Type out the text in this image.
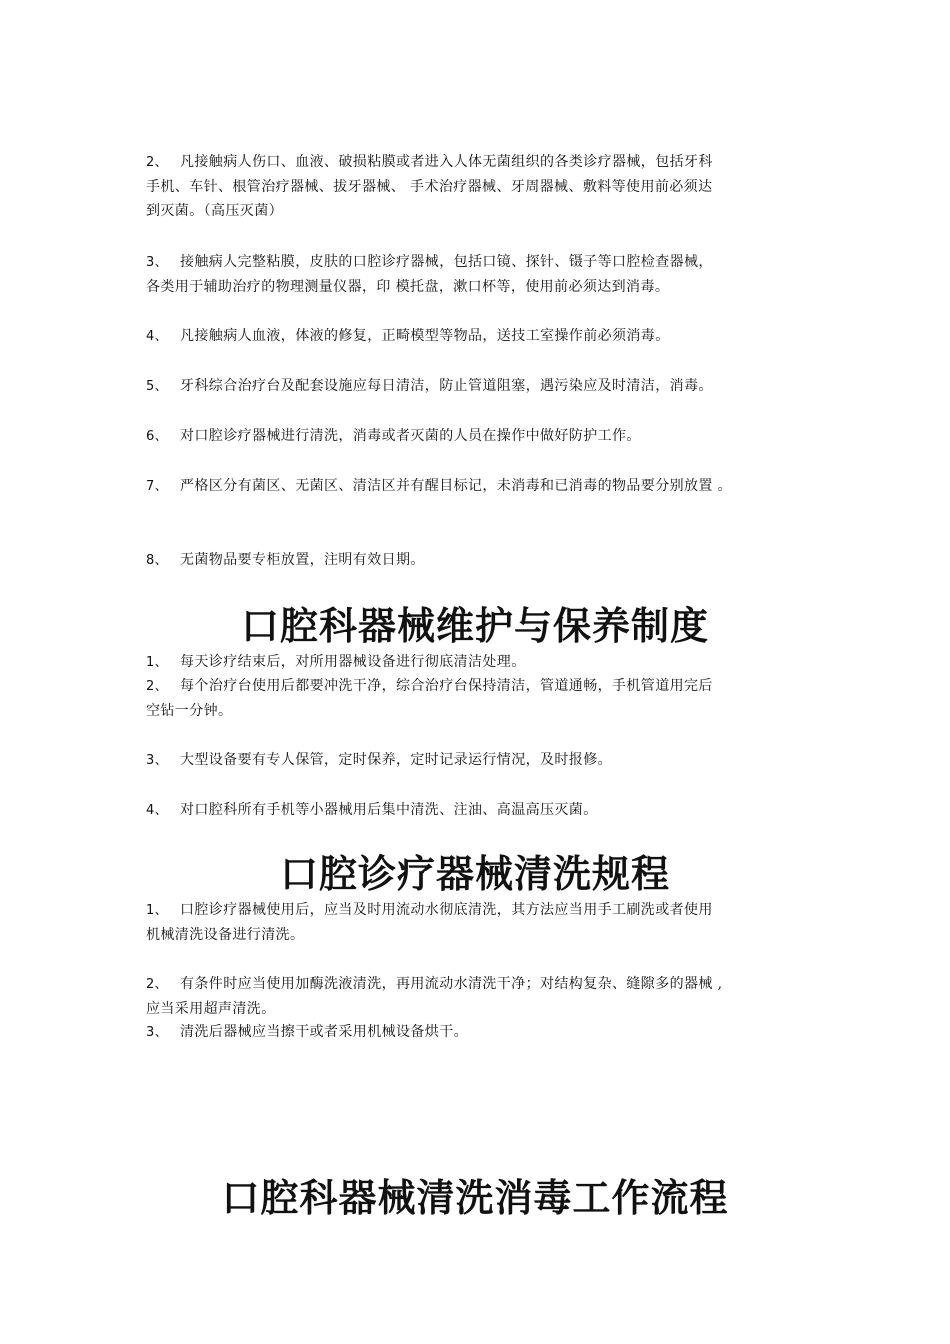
2、 凡接触病人伤口、血液、破损粘膜或者进入人体无菌组织的各类诊疗器械，包括牙科
手机、车针、根管治疗器械、拔牙器械、 手术治疗器械、牙周器械、敷料等使用前必须达
到灭菌。（高压灭菌）
3、 接触病人完整粘膜，皮肤的口腔诊疗器械，包括口镜、探针、镊子等口腔检查器械，
各类用于辅助治疗的物理测量仪器，印 模托盘，漱口杯等，使用前必须达到消毒。
4、 凡接触病人血液，体液的修复，正畸模型等物品，送技工室操作前必须消毒。
5、 牙科综合治疗台及配套设施应每日清洁，防止管道阻塞，遇污染应及时清洁，消毒。
6、 对口腔诊疗器械进行清洗，消毒或者灭菌的人员在操作中做好防护工作。
7、 严格区分有菌区、无菌区、清洁区并有醒目标记，未消毒和已消毒的物品要分别放置 。
8、 无菌物品要专柜放置，注明有效日期。
口腔科器械维护与保养制度
1、 每天诊疗结束后，对所用器械设备进行彻底清洁处理。
2、 每个治疗台使用后都要冲洗干净，综合治疗台保持清洁，管道通畅，手机管道用完后
空钻一分钟。
3、 大型设备要有专人保管，定时保养，定时记录运行情况，及时报修。
4、 对口腔科所有手机等小器械用后集中清洗、注油、高温高压灭菌。
口腔诊疗器械清洗规程
1、 口腔诊疗器械使用后，应当及时用流动水彻底清洗，其方法应当用手工刷洗或者使用
机械清洗设备进行清洗。
2、 有条件时应当使用加酶洗液清洗，再用流动水清洗干净；对结构复杂、缝隙多的器械 ,
应当采用超声清洗。
3、 清洗后器械应当擦干或者采用机械设备烘干。
口腔科器械清洗消毒工作流程
